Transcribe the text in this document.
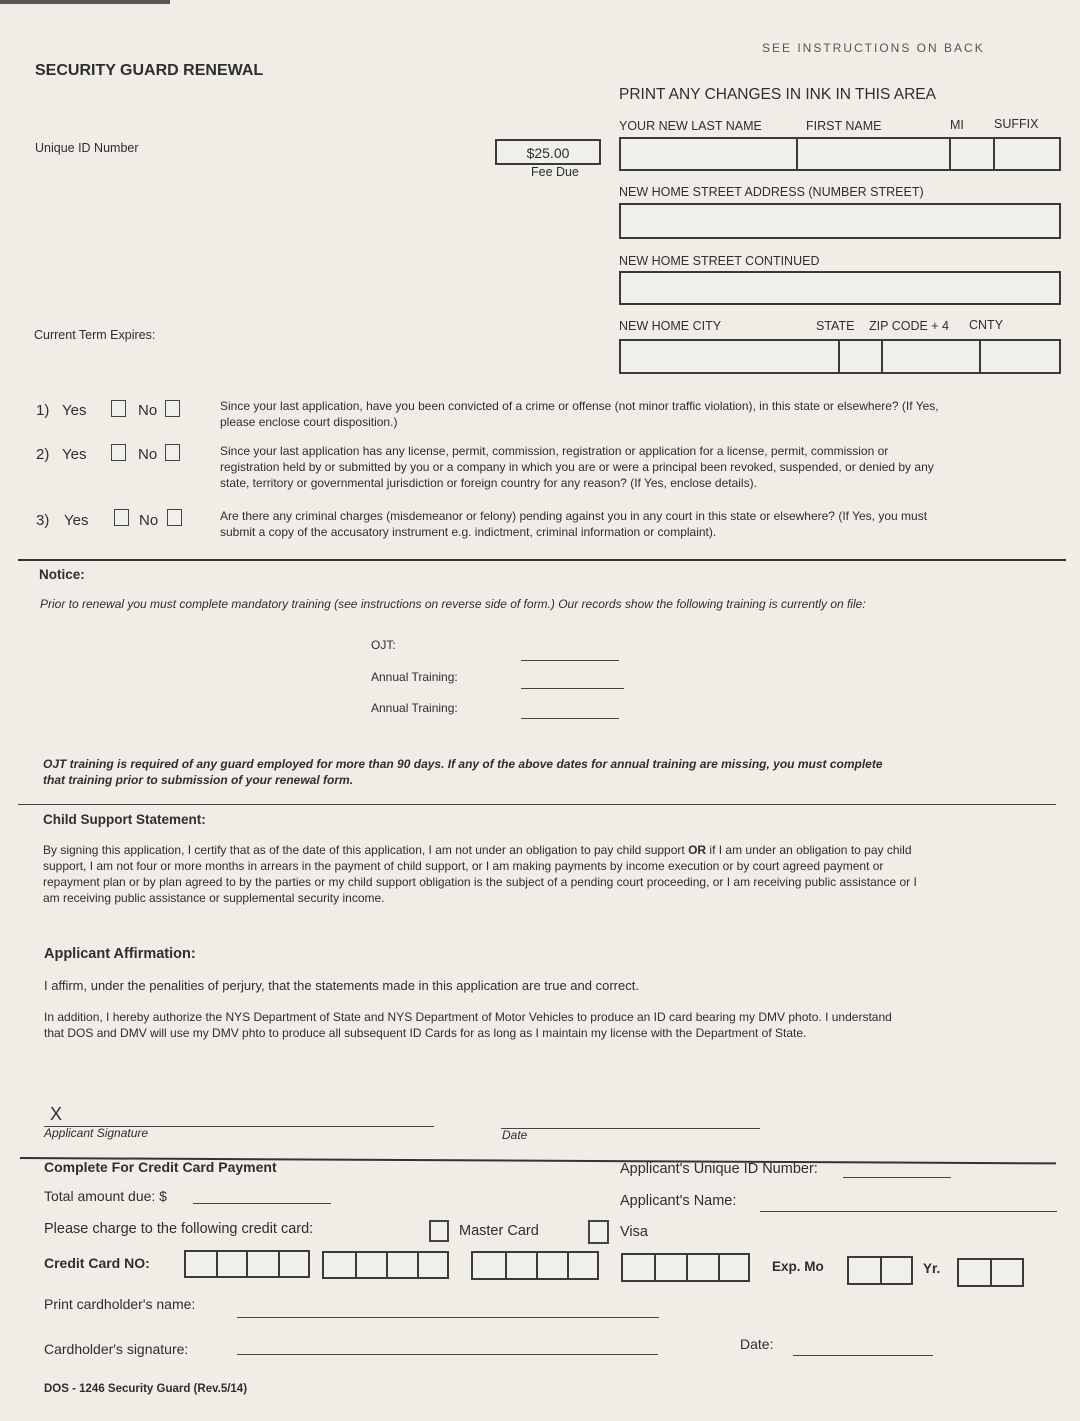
SEE INSTRUCTIONS ON BACK
SECURITY GUARD RENEWAL
Unique ID Number	$25.00
Fee Due
Current Term Expires:
PRINT ANY CHANGES IN INK IN THIS AREA
YOUR NEW LAST NAME	FIRST NAME	MI SUFFIX
NEW HOME STREET ADDRESS (NUMBER STREET)
NEW HOME STREET CONTINUED
NEW HOME CITY	STATE ZIP CODE + 4 CNTY
1) Yes	No	Since your last application, have you been convicted of a crime or offense (not minor traffic violation), in this state or elsewhere? (If Yes, please enclose court disposition.)
2) Yes	No	Since your last application has any license, permit, commission, registration or application for a license, permit, commission or registration held by or submitted by you or a company in which you are or were a principal been revoked, suspended, or denied by any state, territory or governmental jurisdiction or foreign country for any reason? (If Yes, enclose details).
3) Yes	No	Are there any criminal charges (misdemeanor or felony) pending against you in any court in this state or elsewhere? (If Yes, you must submit a copy of the accusatory instrument e.g. indictment, criminal information or complaint).
Notice:
Prior to renewal you must complete mandatory training (see instructions on reverse side of form.) Our records show the following training is currently on file:
OJT:
Annual Training:
Annual Training:
OJT training is required of any guard employed for more than 90 days. If any of the above dates for annual training are missing, you must complete that training prior to submission of your renewal form.
Child Support Statement:
By signing this application, I certify that as of the date of this application, I am not under an obligation to pay child support OR if I am under an obligation to pay child support, I am not four or more months in arrears in the payment of child support, or I am making payments by income execution or by court agreed payment or repayment plan or by plan agreed to by the parties or my child support obligation is the subject of a pending court proceeding, or I am receiving public assistance or I am receiving public assistance or supplemental security income.
Applicant Affirmation:
I affirm, under the penalities of perjury, that the statements made in this application are true and correct.
In addition, I hereby authorize the NYS Department of State and NYS Department of Motor Vehicles to produce an ID card bearing my DMV photo. I understand that DOS and DMV will use my DMV phto to produce all subsequent ID Cards for as long as I maintain my license with the Department of State.
X
Applicant Signature	Date
Complete For Credit Card Payment
Total amount due: $
Please charge to the following credit card:	Master Card	Visa
Applicant's Unique ID Number:
Applicant's Name:
Credit Card NO:	Exp. Mo	Yr.
Print cardholder's name:
Cardholder's signature:	Date:
DOS - 1246 Security Guard (Rev.5/14)
